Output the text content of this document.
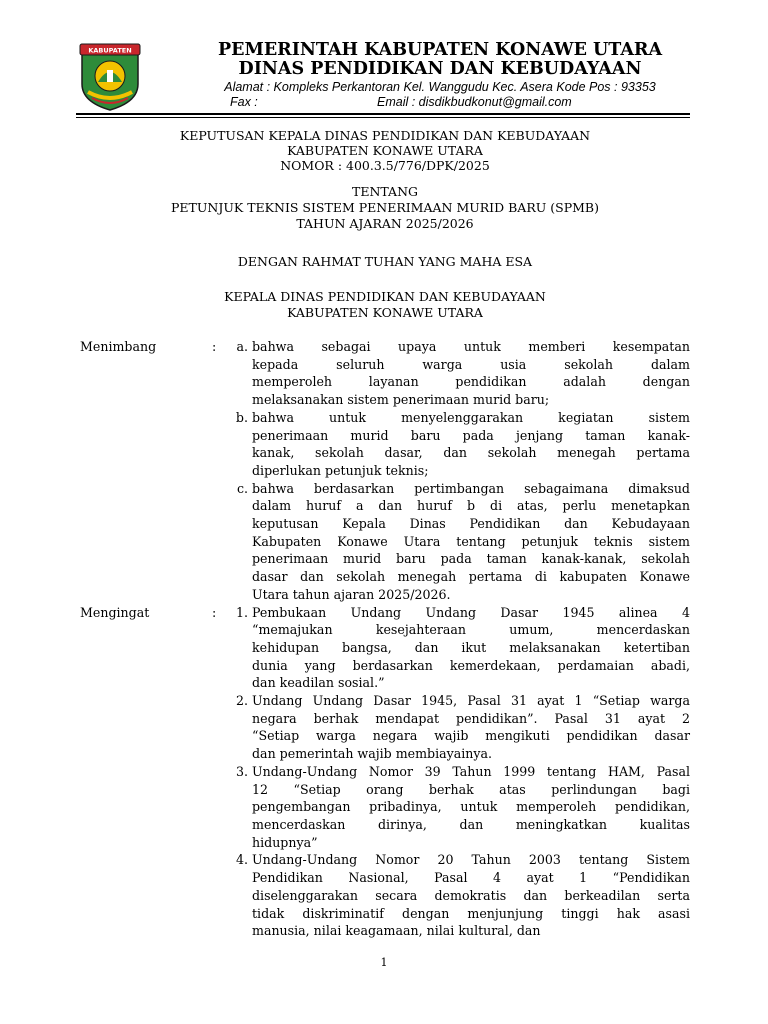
KABUPATEN	PEMERINTAH KABUPATEN KONAWE UTARA
DINAS PENDIDIKAN DAN KEBUDAYAAN
Alamat : Kompleks Perkantoran Kel. Wanggudu Kec. Asera Kode Pos : 93353
Fax :	Email : disdikbudkonut@gmail.com
KEPUTUSAN KEPALA DINAS PENDIDIKAN DAN KEBUDAYAAN
KABUPATEN KONAWE UTARA
NOMOR : 400.3.5/776/DPK/2025
TENTANG
PETUNJUK TEKNIS SISTEM PENERIMAAN MURID BARU (SPMB)
TAHUN AJARAN 2025/2026
DENGAN RAHMAT TUHAN YANG MAHA ESA
KEPALA DINAS PENDIDIKAN DAN KEBUDAYAAN
KABUPATEN KONAWE UTARA
Menimbang	:	a. bahwa sebagai upaya untuk memberi kesempatan
kepada seluruh warga usia sekolah dalam
memperoleh layanan pendidikan adalah dengan
melaksanakan sistem penerimaan murid baru;
b. bahwa untuk menyelenggarakan kegiatan sistem
penerimaan murid baru pada jenjang taman kanak-
kanak, sekolah dasar, dan sekolah menegah pertama
diperlukan petunjuk teknis;
c. bahwa berdasarkan pertimbangan sebagaimana dimaksud
dalam huruf a dan huruf b di atas, perlu menetapkan
keputusan Kepala Dinas Pendidikan dan Kebudayaan
Kabupaten Konawe Utara tentang petunjuk teknis sistem
penerimaan murid baru pada taman kanak-kanak, sekolah
dasar dan sekolah menegah pertama di kabupaten Konawe
Utara tahun ajaran 2025/2026.
Mengingat	:	1. Pembukaan Undang Undang Dasar 1945 alinea 4
“memajukan kesejahteraan umum, mencerdaskan
kehidupan bangsa, dan ikut melaksanakan ketertiban
dunia yang berdasarkan kemerdekaan, perdamaian abadi,
dan keadilan sosial.”
2. Undang Undang Dasar 1945, Pasal 31 ayat 1 “Setiap warga
negara berhak mendapat pendidikan”. Pasal 31 ayat 2
“Setiap warga negara wajib mengikuti pendidikan dasar
dan pemerintah wajib membiayainya.
3. Undang-Undang Nomor 39 Tahun 1999 tentang HAM, Pasal
12 “Setiap orang berhak atas perlindungan bagi
pengembangan pribadinya, untuk memperoleh pendidikan,
mencerdaskan dirinya, dan meningkatkan kualitas
hidupnya”
4. Undang-Undang Nomor 20 Tahun 2003 tentang Sistem
Pendidikan Nasional, Pasal 4 ayat 1 “Pendidikan
diselenggarakan secara demokratis dan berkeadilan serta
tidak diskriminatif dengan menjunjung tinggi hak asasi
manusia, nilai keagamaan, nilai kultural, dan
1
